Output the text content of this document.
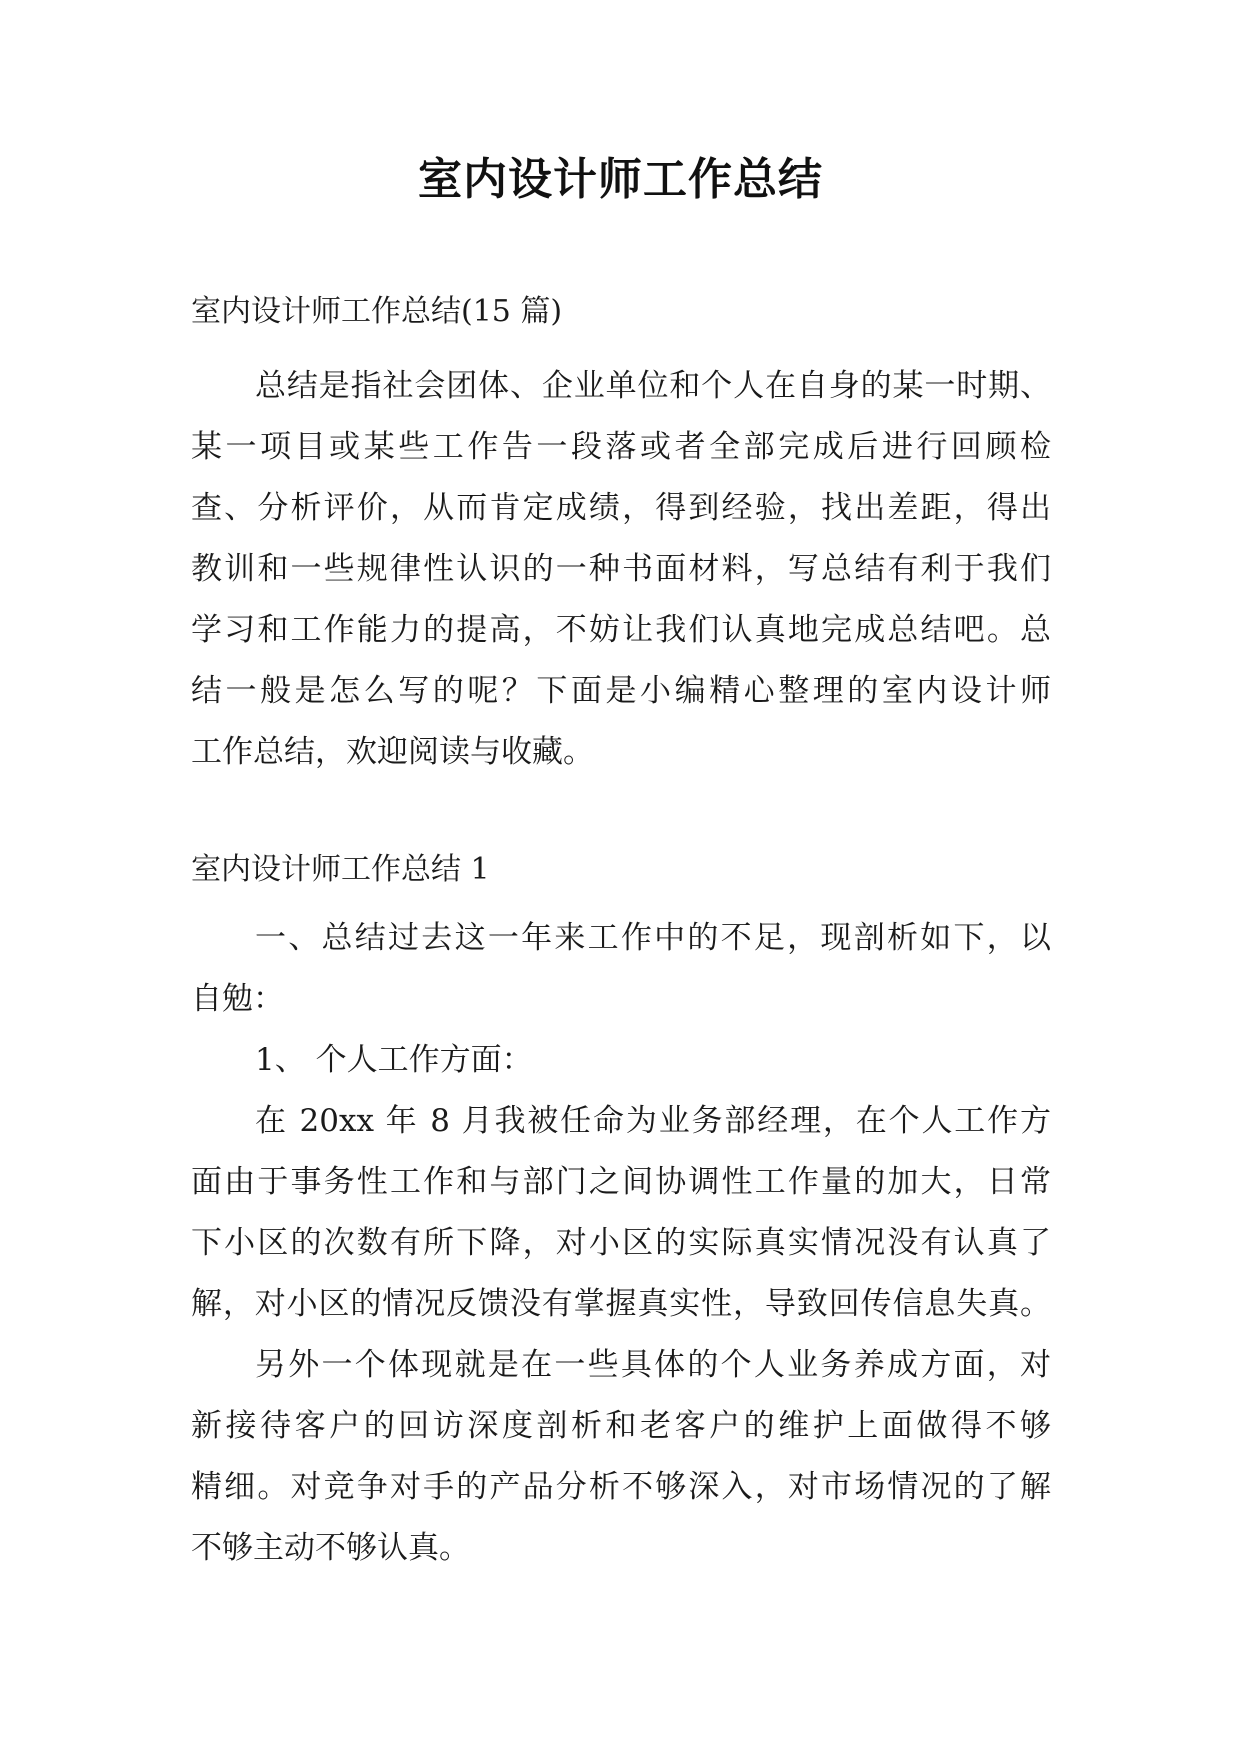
室内设计师工作总结
室内设计师工作总结(15 篇)
总结是指社会团体、企业单位和个人在自身的某一时期、
某一项目或某些工作告一段落或者全部完成后进行回顾检
查、分析评价，从而肯定成绩，得到经验，找出差距，得出
教训和一些规律性认识的一种书面材料，写总结有利于我们
学习和工作能力的提高，不妨让我们认真地完成总结吧。总
结一般是怎么写的呢？下面是小编精心整理的室内设计师
工作总结，欢迎阅读与收藏。
室内设计师工作总结 1
一、总结过去这一年来工作中的不足，现剖析如下，以
自勉：
1、 个人工作方面：
在 20xx 年 8 月我被任命为业务部经理，在个人工作方
面由于事务性工作和与部门之间协调性工作量的加大，日常
下小区的次数有所下降，对小区的实际真实情况没有认真了
解，对小区的情况反馈没有掌握真实性，导致回传信息失真。
另外一个体现就是在一些具体的个人业务养成方面，对
新接待客户的回访深度剖析和老客户的维护上面做得不够
精细。对竞争对手的产品分析不够深入，对市场情况的了解
不够主动不够认真。
